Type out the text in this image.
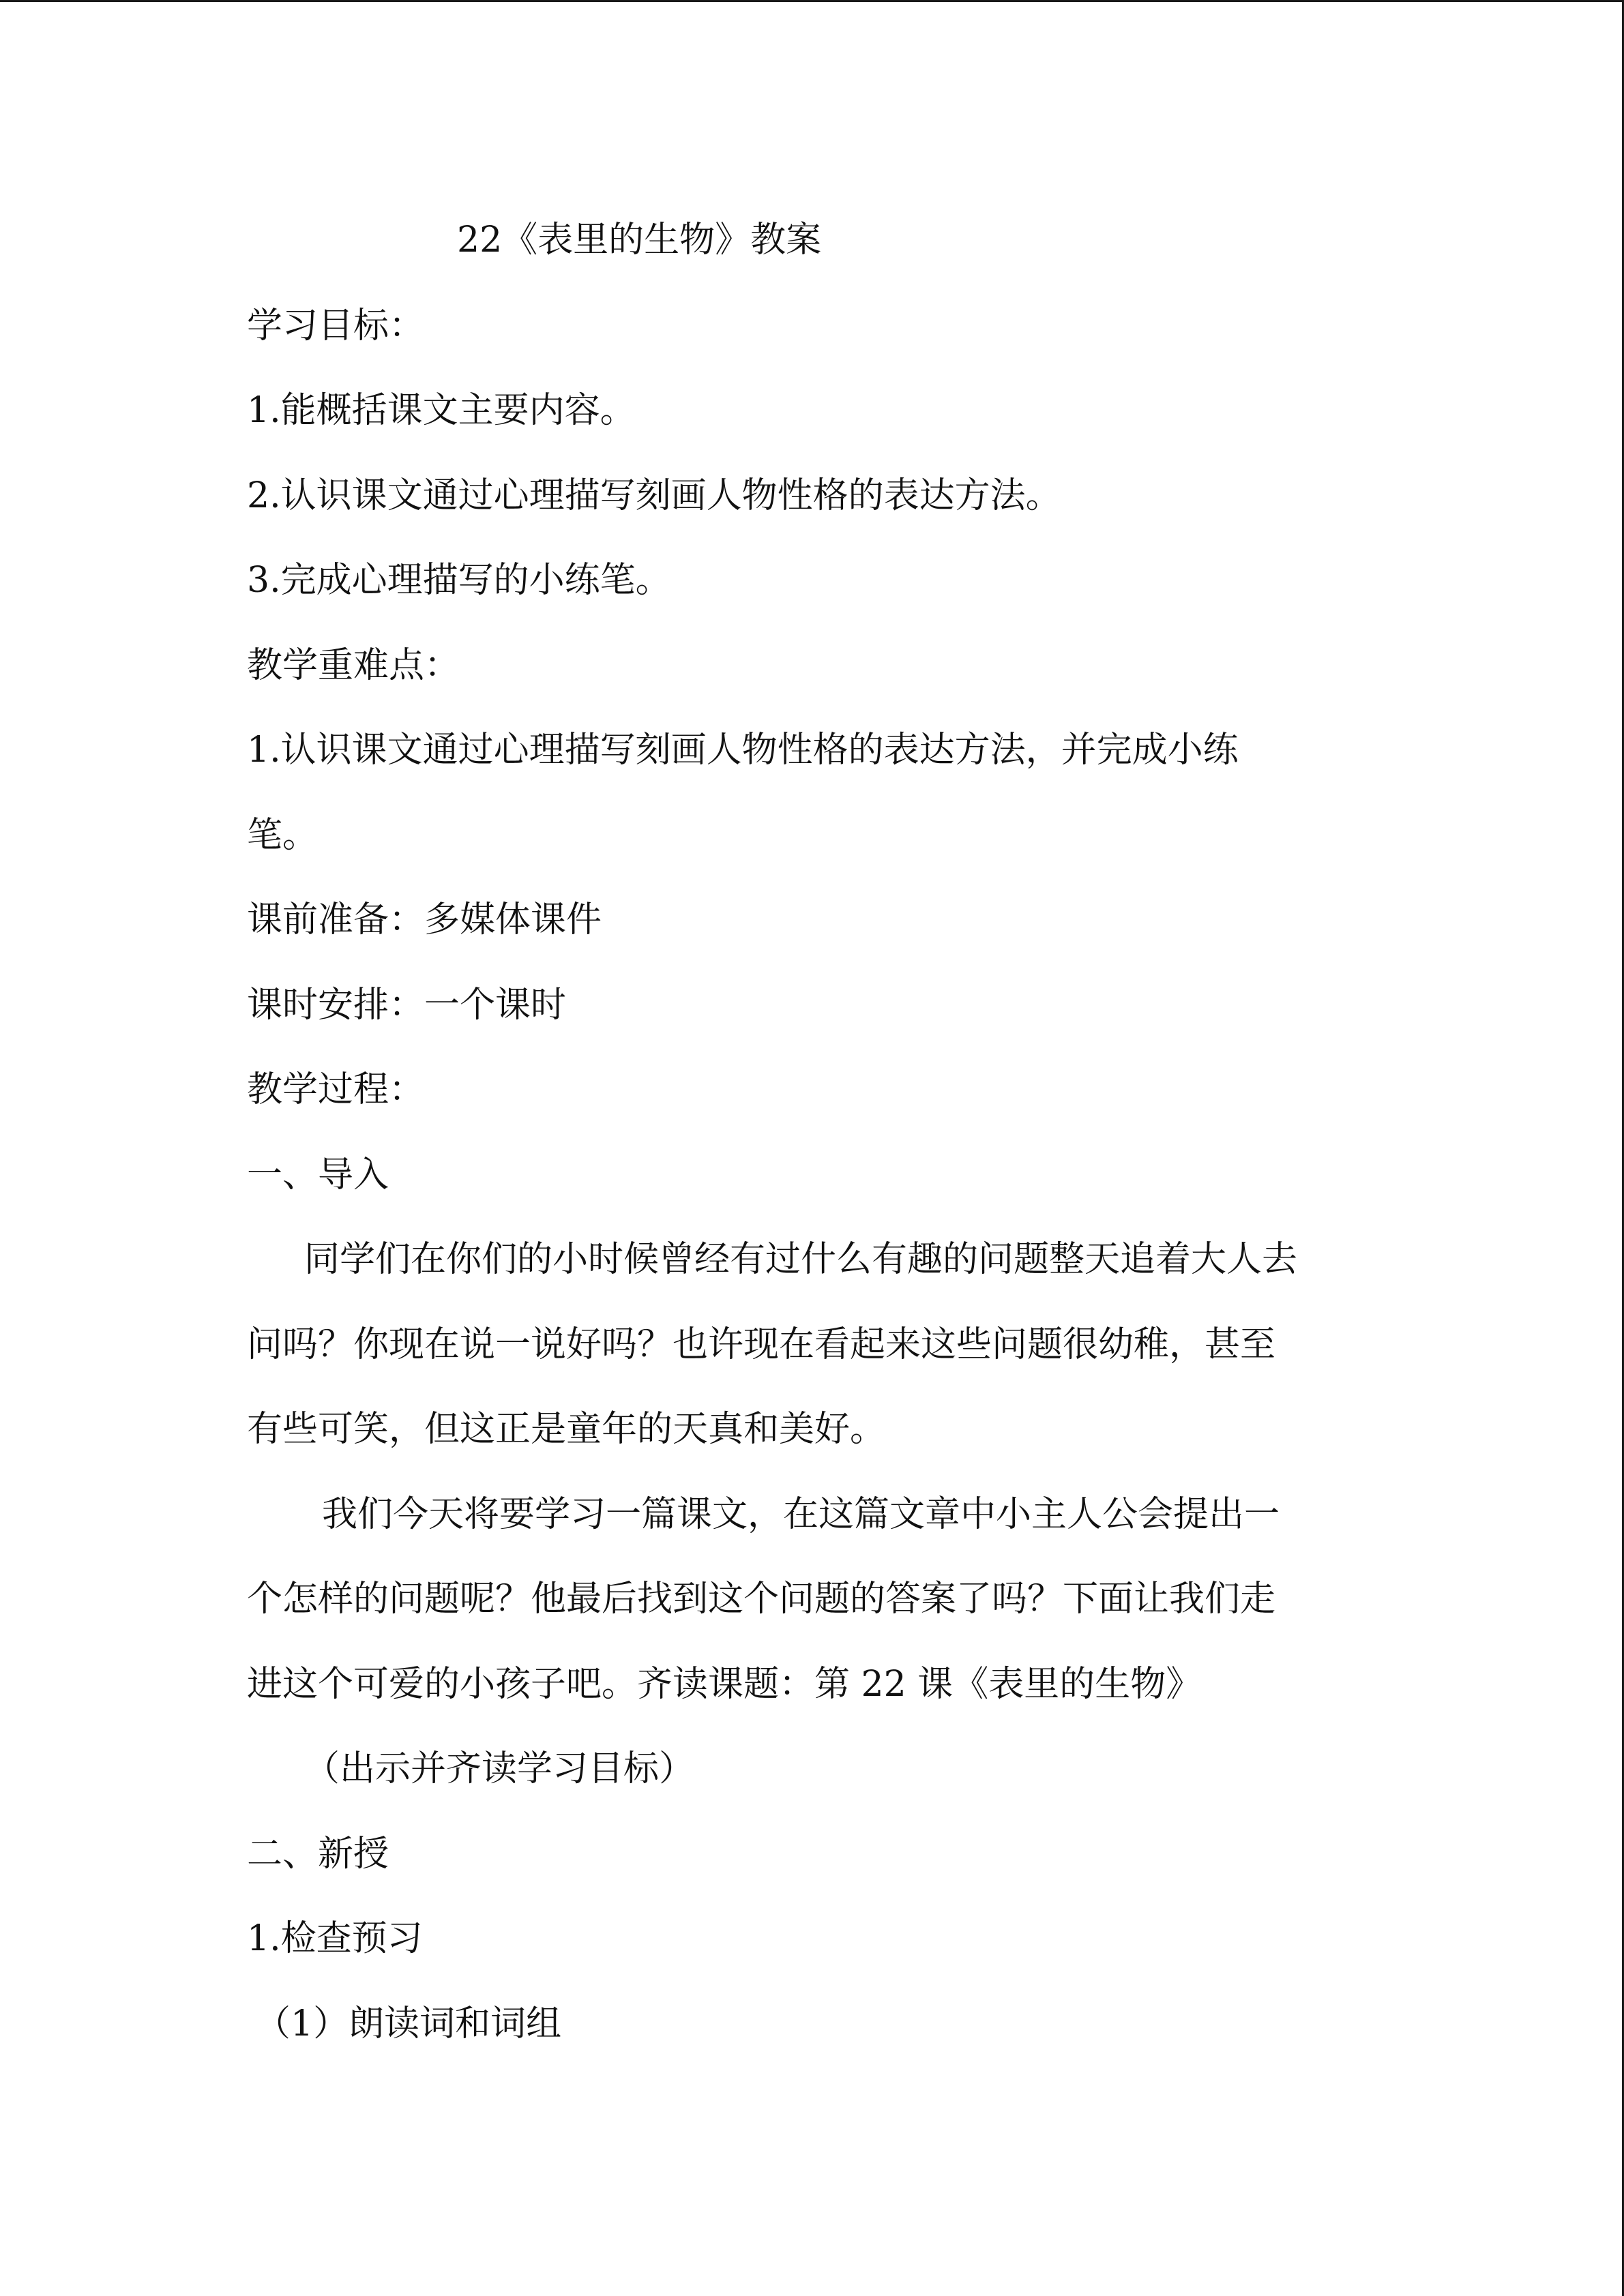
22《表里的生物》教案
学习目标：
1.能概括课文主要内容。
2.认识课文通过心理描写刻画人物性格的表达方法。
3.完成心理描写的小练笔。
教学重难点：
1.认识课文通过心理描写刻画人物性格的表达方法，并完成小练
笔。
课前准备：多媒体课件
课时安排：一个课时
教学过程：
一、导入
同学们在你们的小时候曾经有过什么有趣的问题整天追着大人去
问吗？你现在说一说好吗？也许现在看起来这些问题很幼稚，甚至
有些可笑，但这正是童年的天真和美好。
我们今天将要学习一篇课文，在这篇文章中小主人公会提出一
个怎样的问题呢？他最后找到这个问题的答案了吗？下面让我们走
进这个可爱的小孩子吧。齐读课题：第 22 课《表里的生物》
（出示并齐读学习目标）
二、新授
1.检查预习
（1）朗读词和词组
